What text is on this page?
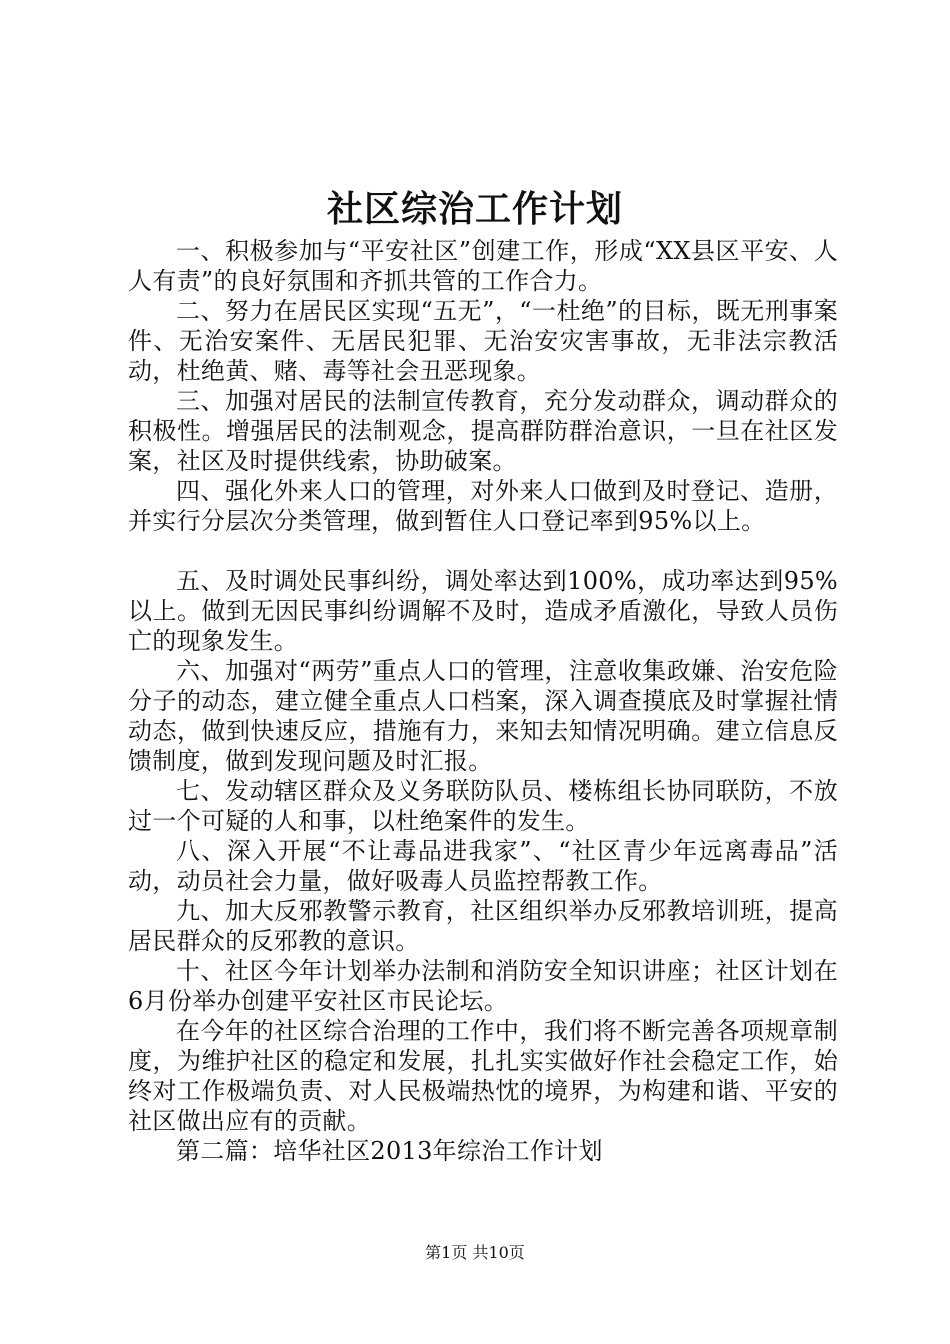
社区综治工作计划

一、积极参加与“平安社区”创建工作，形成“XX县区平安、人人有责”的良好氛围和齐抓共管的工作合力。

二、努力在居民区实现“五无”，“一杜绝”的目标，既无刑事案件、无治安案件、无居民犯罪、无治安灾害事故，无非法宗教活动，杜绝黄、赌、毒等社会丑恶现象。

三、加强对居民的法制宣传教育，充分发动群众，调动群众的积极性。增强居民的法制观念，提高群防群治意识，一旦在社区发案，社区及时提供线索，协助破案。

四、强化外来人口的管理，对外来人口做到及时登记、造册，并实行分层次分类管理，做到暂住人口登记率到95%以上。

五、及时调处民事纠纷，调处率达到100%，成功率达到95%以上。做到无因民事纠纷调解不及时，造成矛盾激化，导致人员伤亡的现象发生。

六、加强对“两劳”重点人口的管理，注意收集政嫌、治安危险分子的动态，建立健全重点人口档案，深入调查摸底及时掌握社情动态，做到快速反应，措施有力，来知去知情况明确。建立信息反馈制度，做到发现问题及时汇报。

七、发动辖区群众及义务联防队员、楼栋组长协同联防，不放过一个可疑的人和事，以杜绝案件的发生。

八、深入开展“不让毒品进我家”、“社区青少年远离毒品”活动，动员社会力量，做好吸毒人员监控帮教工作。

九、加大反邪教警示教育，社区组织举办反邪教培训班，提高居民群众的反邪教的意识。

十、社区今年计划举办法制和消防安全知识讲座；社区计划在6月份举办创建平安社区市民论坛。

在今年的社区综合治理的工作中，我们将不断完善各项规章制度，为维护社区的稳定和发展，扎扎实实做好作社会稳定工作，始终对工作极端负责、对人民极端热忱的境界，为构建和谐、平安的社区做出应有的贡献。

第二篇：培华社区2013年综治工作计划

第1页 共10页
